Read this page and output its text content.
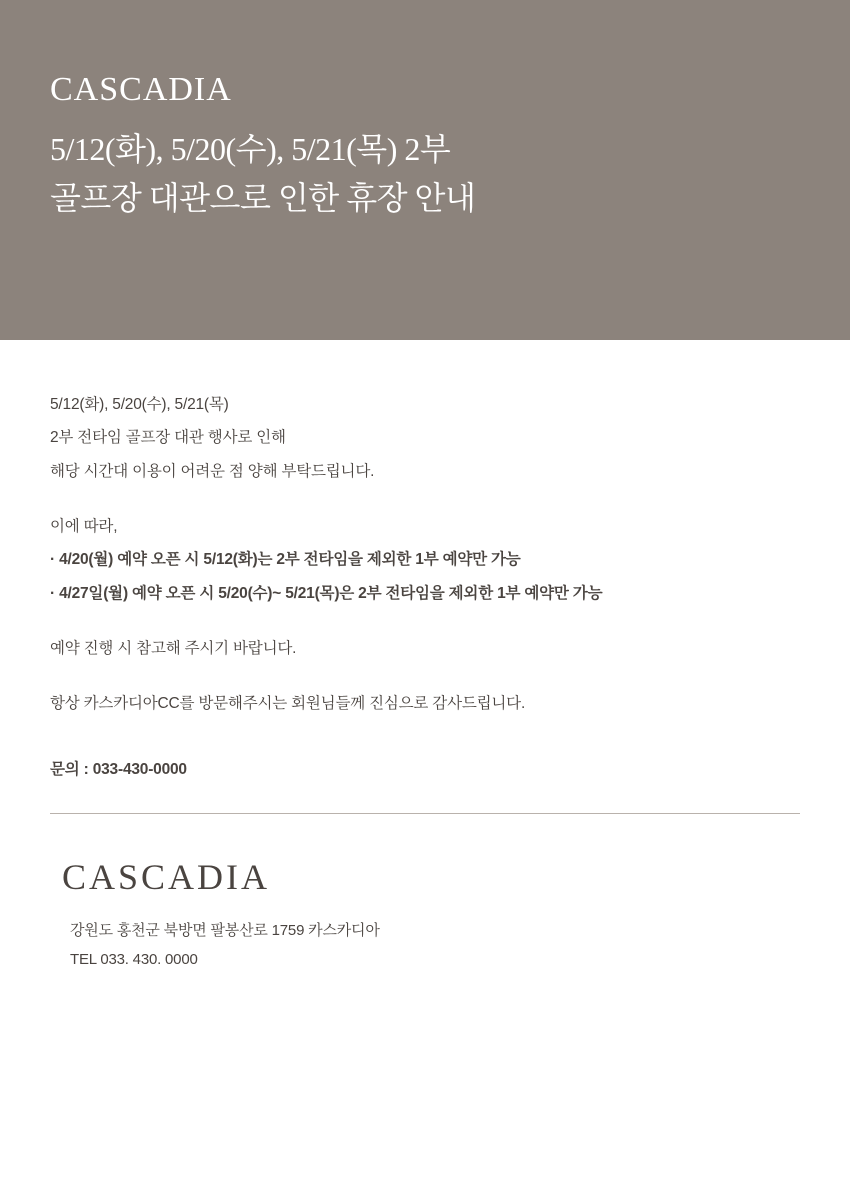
CASCADIA
5/12(화), 5/20(수), 5/21(목) 2부
골프장 대관으로 인한 휴장 안내

5/12(화), 5/20(수), 5/21(목)

2부 전타임 골프장 대관 행사로 인해

해당 시간대 이용이 어려운 점 양해 부탁드립니다.

이에 따라,

· 4/20(월) 예약 오픈 시 5/12(화)는 2부 전타임을 제외한 1부 예약만 가능

· 4/27일(월) 예약 오픈 시 5/20(수)~ 5/21(목)은 2부 전타임을 제외한 1부 예약만 가능

예약 진행 시 참고해 주시기 바랍니다.

항상 카스카디아CC를 방문해주시는 회원님들께 진심으로 감사드립니다.

문의 : 033-430-0000

CASCADIA

강원도 홍천군 북방면 팔봉산로 1759 카스카디아

TEL 033. 430. 0000
